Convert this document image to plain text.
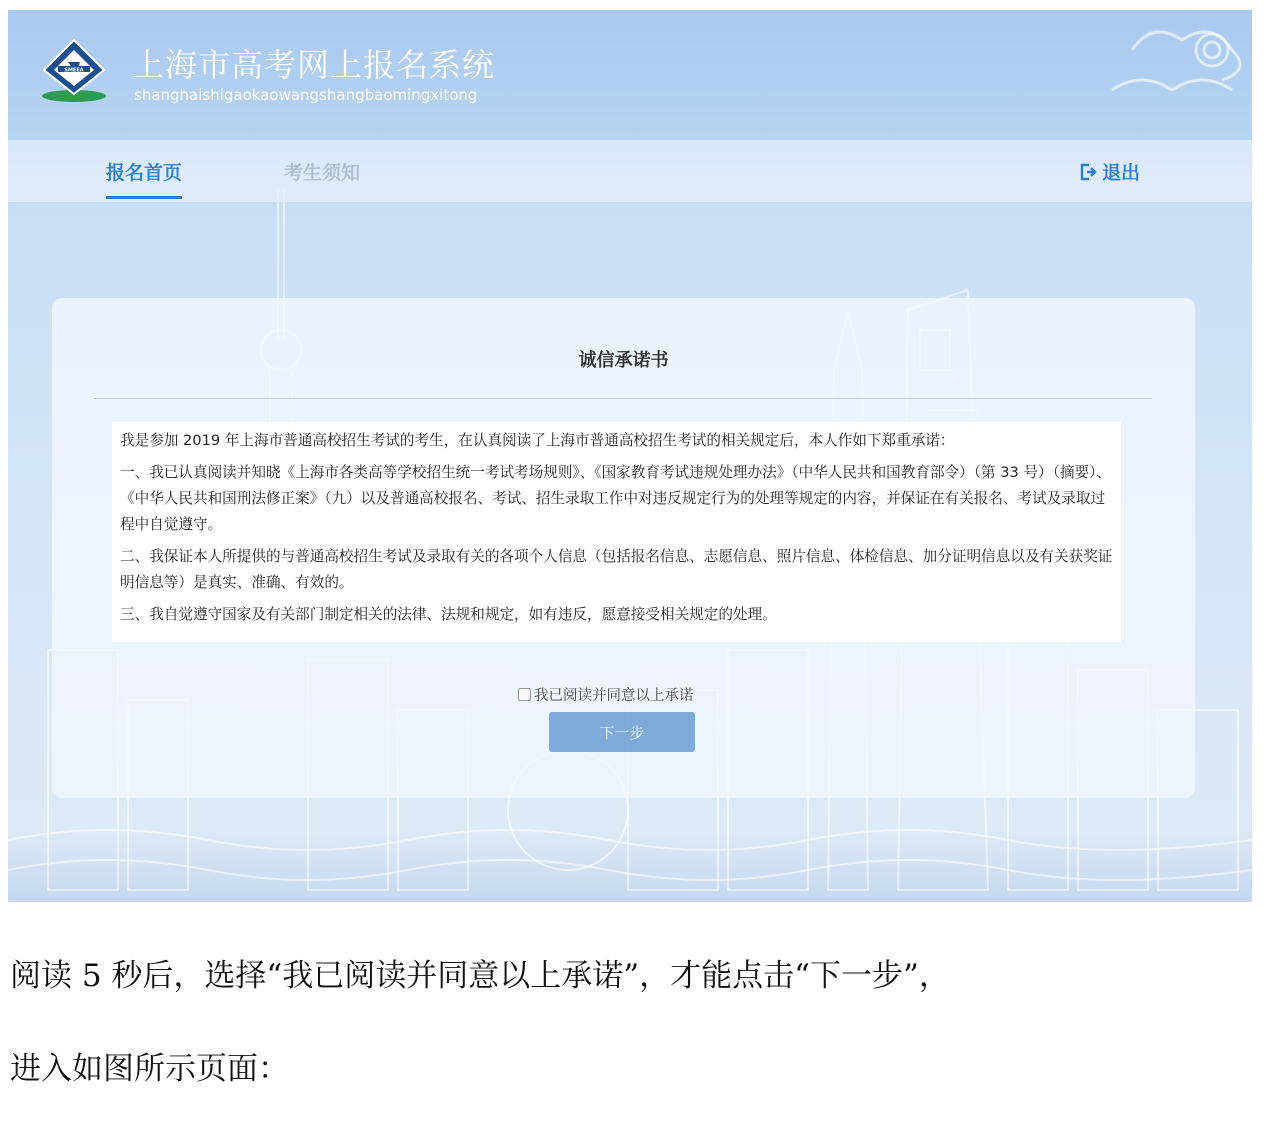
SMEEA 上海市高考网上报名系统
shanghaishigaokaowangshangbaomingxitong
报名首页	考生须知	退出
诚信承诺书

我是参加 2019 年上海市普通高校招生考试的考生，在认真阅读了上海市普通高校招生考试的相关规定后，本人作如下郑重承诺：

一、我已认真阅读并知晓《上海市各类高等学校招生统一考试考场规则》、《国家教育考试违规处理办法》（中华人民共和国教育部令）（第 33 号）（摘要）、《中华人民共和国刑法修正案》（九）以及普通高校报名、考试、招生录取工作中对违反规定行为的处理等规定的内容，并保证在有关报名、考试及录取过程中自觉遵守。

二、我保证本人所提供的与普通高校招生考试及录取有关的各项个人信息（包括报名信息、志愿信息、照片信息、体检信息、加分证明信息以及有关获奖证明信息等）是真实、准确、有效的。

三、我自觉遵守国家及有关部门制定相关的法律、法规和规定，如有违反，愿意接受相关规定的处理。

我已阅读并同意以上承诺
下一步
阅读 5 秒后，选择“我已阅读并同意以上承诺”，才能点击“下一步”，
进入如图所示页面：
